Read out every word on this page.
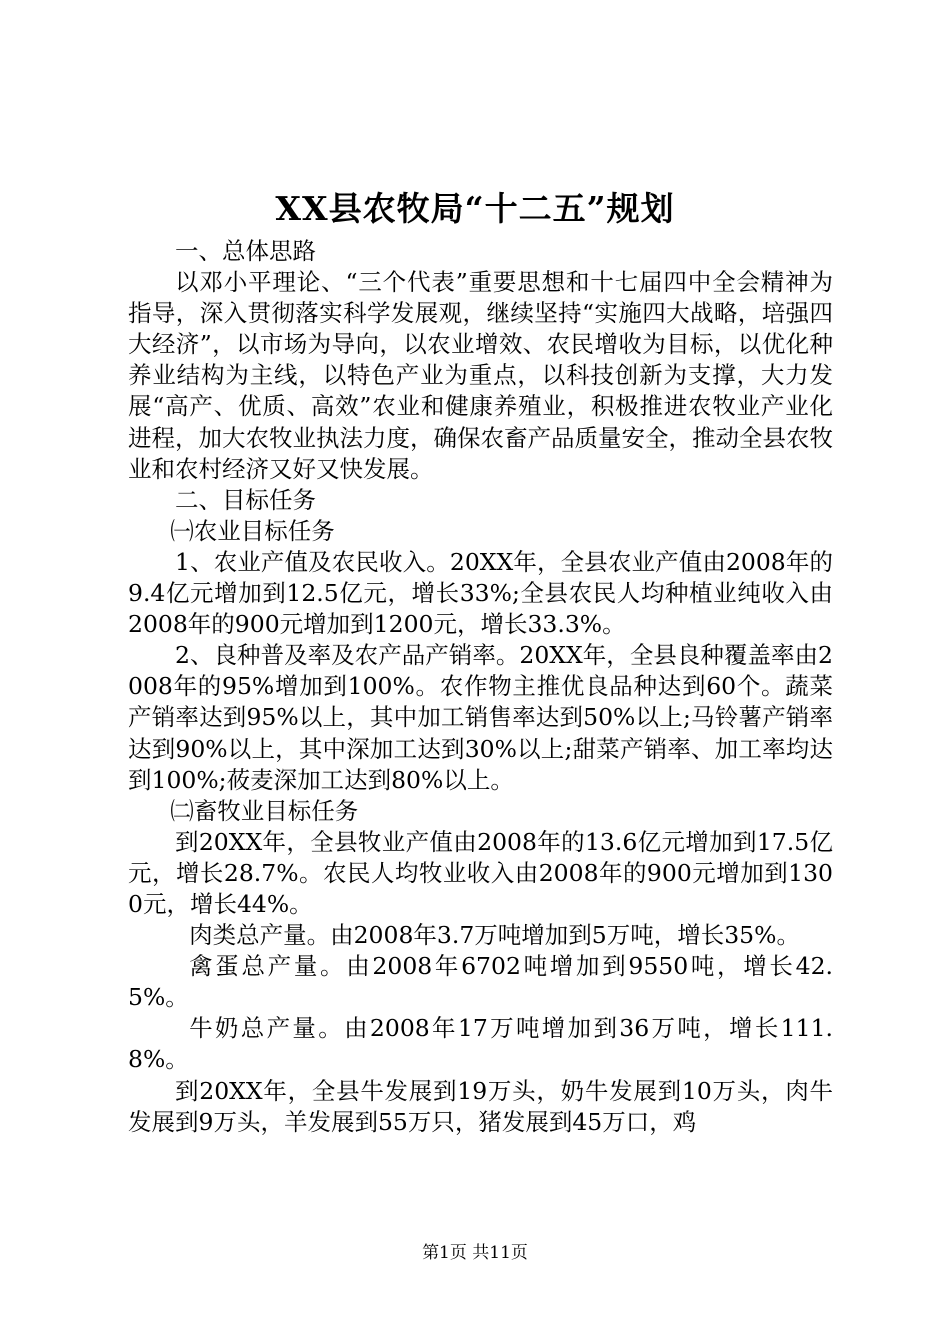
XX县农牧局“十二五”规划

一、总体思路

以邓小平理论、“三个代表”重要思想和十七届四中全会精神为指导，深入贯彻落实科学发展观，继续坚持“实施四大战略，培强四大经济”，以市场为导向，以农业增效、农民增收为目标，以优化种养业结构为主线，以特色产业为重点，以科技创新为支撑，大力发展“高产、优质、高效”农业和健康养殖业，积极推进农牧业产业化进程，加大农牧业执法力度，确保农畜产品质量安全，推动全县农牧业和农村经济又好又快发展。

二、目标任务

㈠农业目标任务

1、农业产值及农民收入。20XX年，全县农业产值由2008年的9.4亿元增加到12.5亿元，增长33%;全县农民人均种植业纯收入由2008年的900元增加到1200元，增长33.3%。

2、良种普及率及农产品产销率。20XX年，全县良种覆盖率由2008年的95%增加到100%。农作物主推优良品种达到60个。蔬菜产销率达到95%以上，其中加工销售率达到50%以上;马铃薯产销率达到90%以上，其中深加工达到30%以上;甜菜产销率、加工率均达到100%;莜麦深加工达到80%以上。

㈡畜牧业目标任务

到20XX年，全县牧业产值由2008年的13.6亿元增加到17.5亿元，增长28.7%。农民人均牧业收入由2008年的900元增加到1300元，增长44%。

肉类总产量。由2008年3.7万吨增加到5万吨，增长35%。

禽蛋总产量。由2008年6702吨增加到9550吨，增长42.5%。

牛奶总产量。由2008年17万吨增加到36万吨，增长111.8%。

到20XX年，全县牛发展到19万头，奶牛发展到10万头，肉牛发展到9万头，羊发展到55万只，猪发展到45万口，鸡

第1页 共11页
